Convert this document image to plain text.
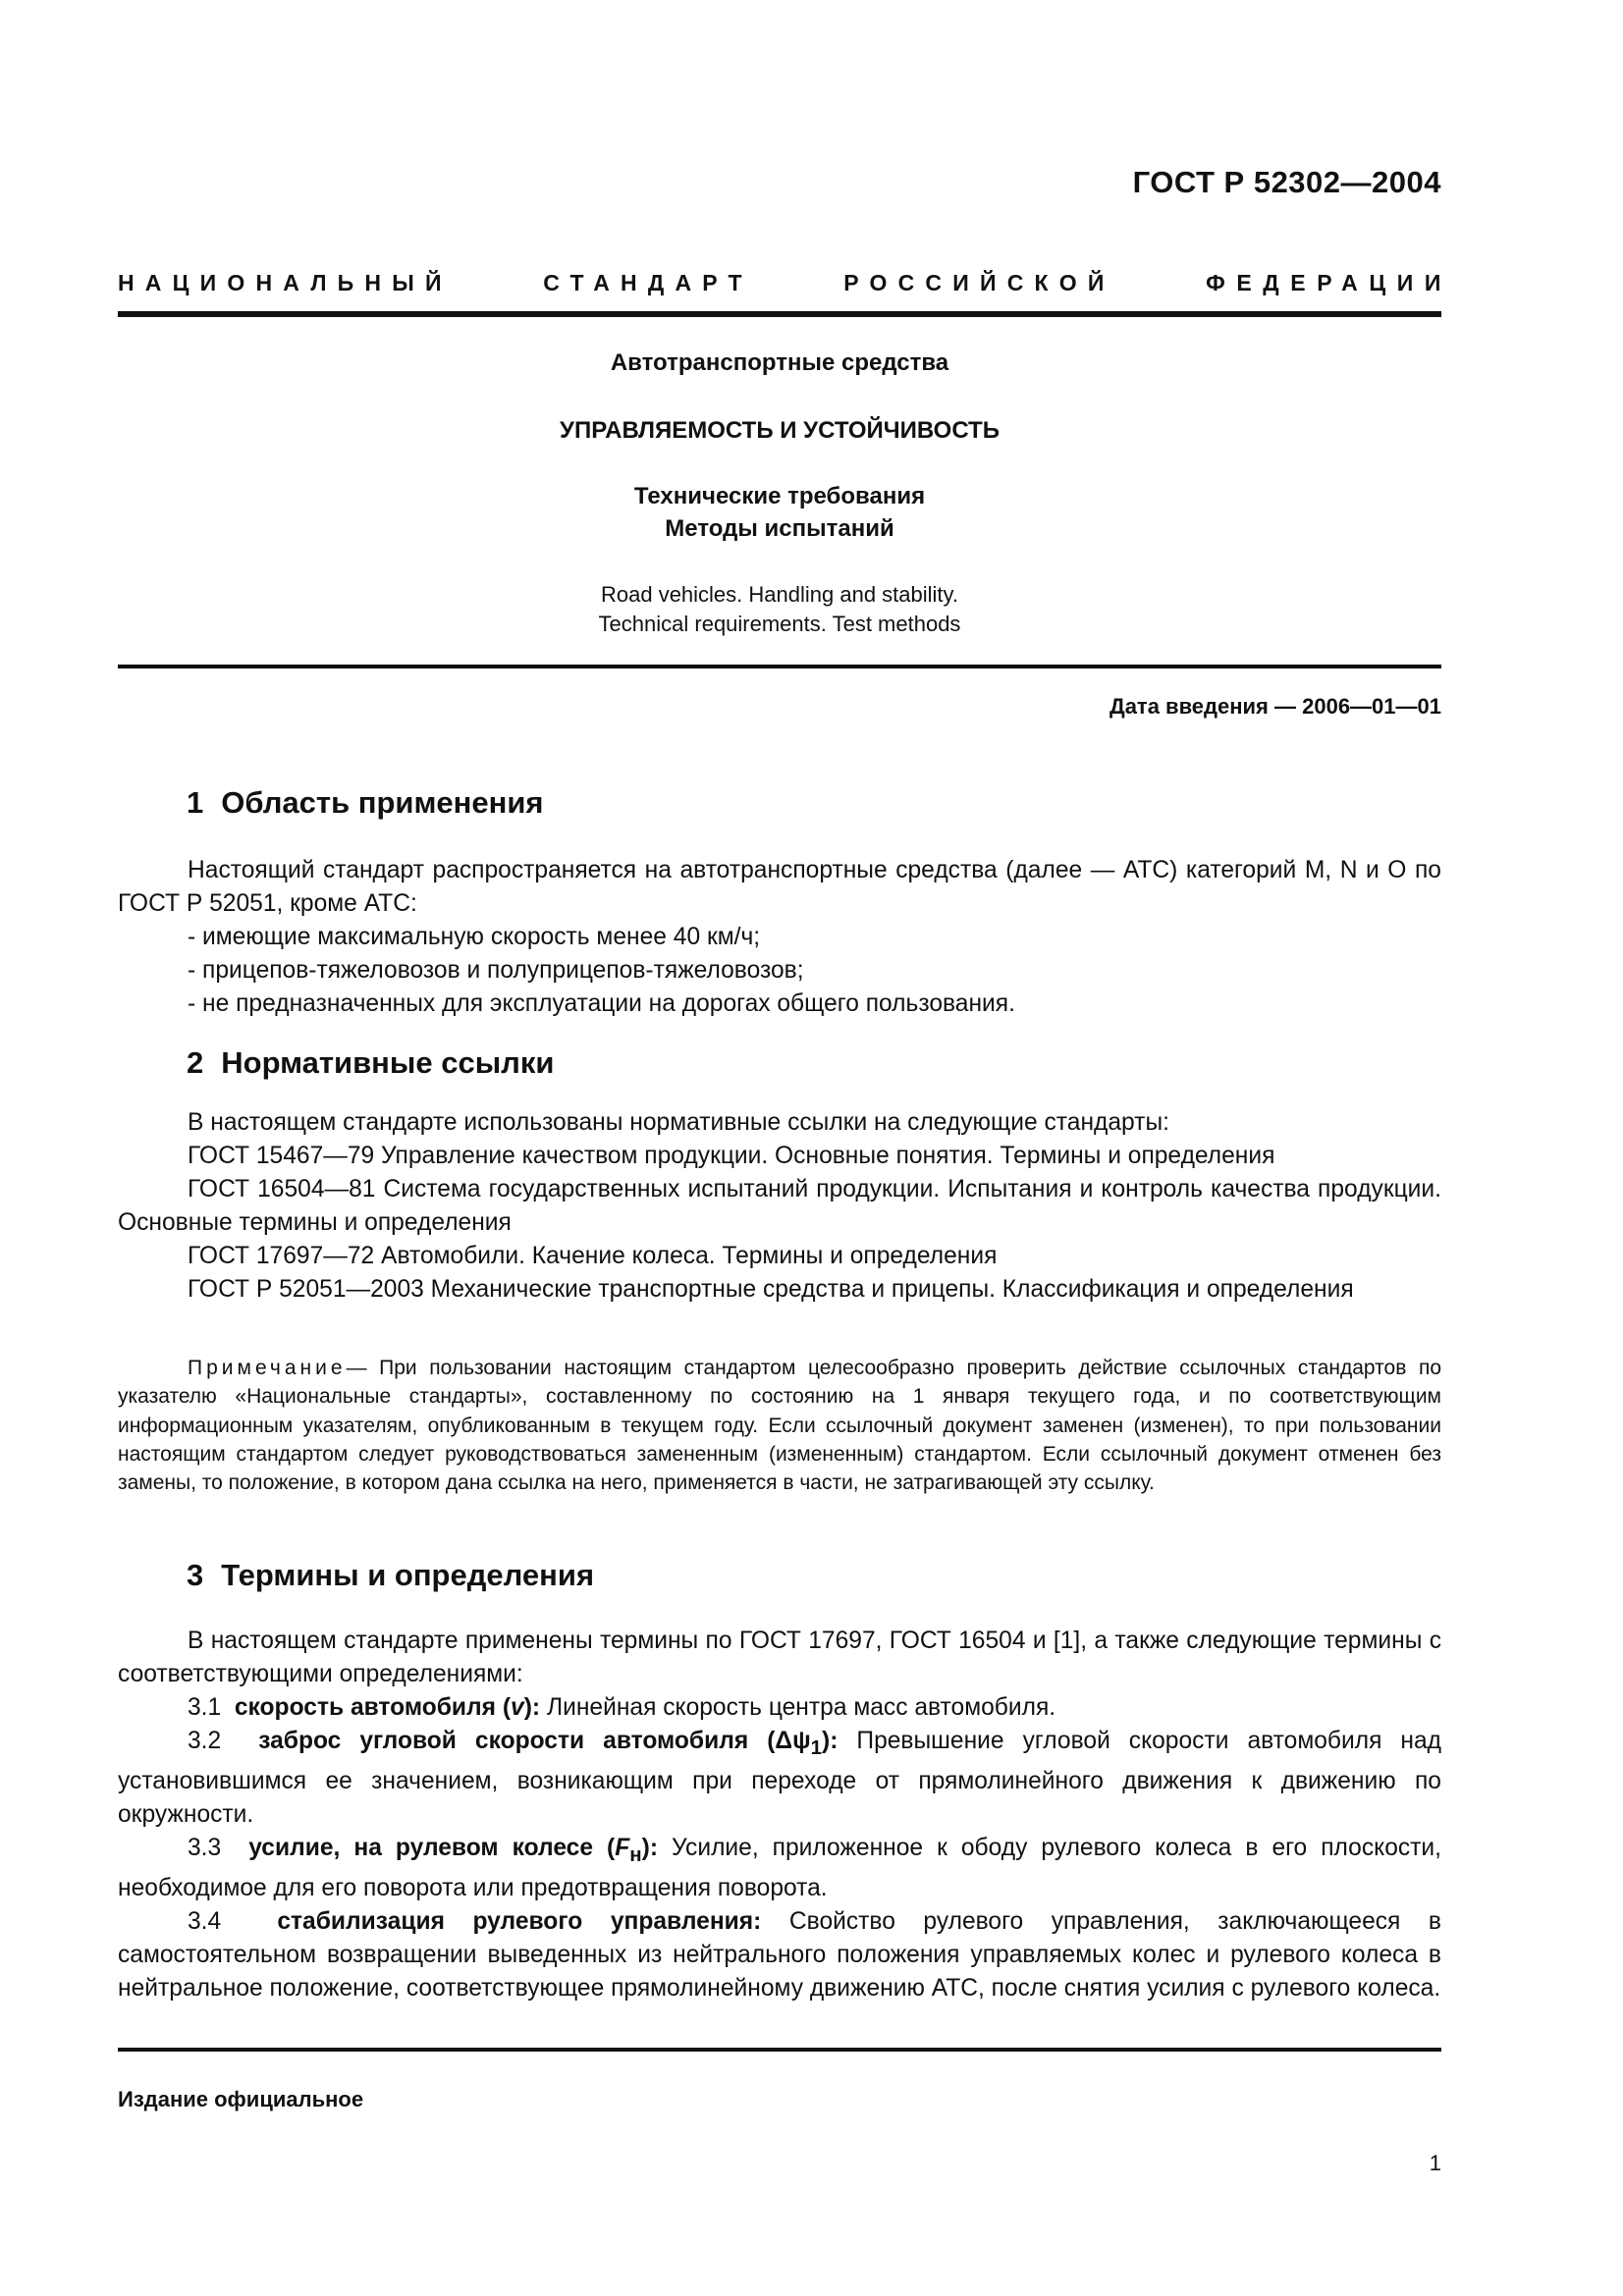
ГОСТ Р 52302—2004
НАЦИОНАЛЬНЫЙ	СТАНДАРТ	РОССИЙСКОЙ	ФЕДЕРАЦИИ
Автотранспортные средства
УПРАВЛЯЕМОСТЬ И УСТОЙЧИВОСТЬ
Технические требования
Методы испытаний
Road vehicles. Handling and stability.
Technical requirements. Test methods
Дата введения — 2006—01—01
1 Область применения

Настоящий стандарт распространяется на автотранспортные средства (далее — АТС) категорий M, N и O по ГОСТ Р 52051, кроме АТС:

- имеющие максимальную скорость менее 40 км/ч;

- прицепов-тяжеловозов и полуприцепов-тяжеловозов;

- не предназначенных для эксплуатации на дорогах общего пользования.

2 Нормативные ссылки

В настоящем стандарте использованы нормативные ссылки на следующие стандарты:

ГОСТ 15467—79 Управление качеством продукции. Основные понятия. Термины и определения

ГОСТ 16504—81 Система государственных испытаний продукции. Испытания и контроль качества продукции. Основные термины и определения

ГОСТ 17697—72 Автомобили. Качение колеса. Термины и определения

ГОСТ Р 52051—2003 Механические транспортные средства и прицепы. Классификация и определения

Примечание— При пользовании настоящим стандартом целесообразно проверить действие ссылочных стандартов по указателю «Национальные стандарты», составленному по состоянию на 1 января текущего года, и по соответствующим информационным указателям, опубликованным в текущем году. Если ссылочный документ заменен (изменен), то при пользовании настоящим стандартом следует руководствоваться замененным (измененным) стандартом. Если ссылочный документ отменен без замены, то положение, в котором дана ссылка на него, применяется в части, не затрагивающей эту ссылку.

3 Термины и определения

В настоящем стандарте применены термины по ГОСТ 17697, ГОСТ 16504 и [1], а также следующие термины с соответствующими определениями:

3.1 скорость автомобиля (v): Линейная скорость центра масс автомобиля.

3.2 заброс угловой скорости автомобиля $(\Delta\psi_1)$: Превышение угловой скорости автомобиля над установившимся ее значением, возникающим при переходе от прямолинейного движения к движению по окружности.

3.3 усилие, на рулевом колесе $(F_н)$: Усилие, приложенное к ободу рулевого колеса в его плоскости, необходимое для его поворота или предотвращения поворота.

3.4 стабилизация рулевого управления: Свойство рулевого управления, заключающееся в самостоятельном возвращении выведенных из нейтрального положения управляемых колес и рулевого колеса в нейтральное положение, соответствующее прямолинейному движению АТС, после снятия усилия с рулевого колеса.

Издание официальное
1
